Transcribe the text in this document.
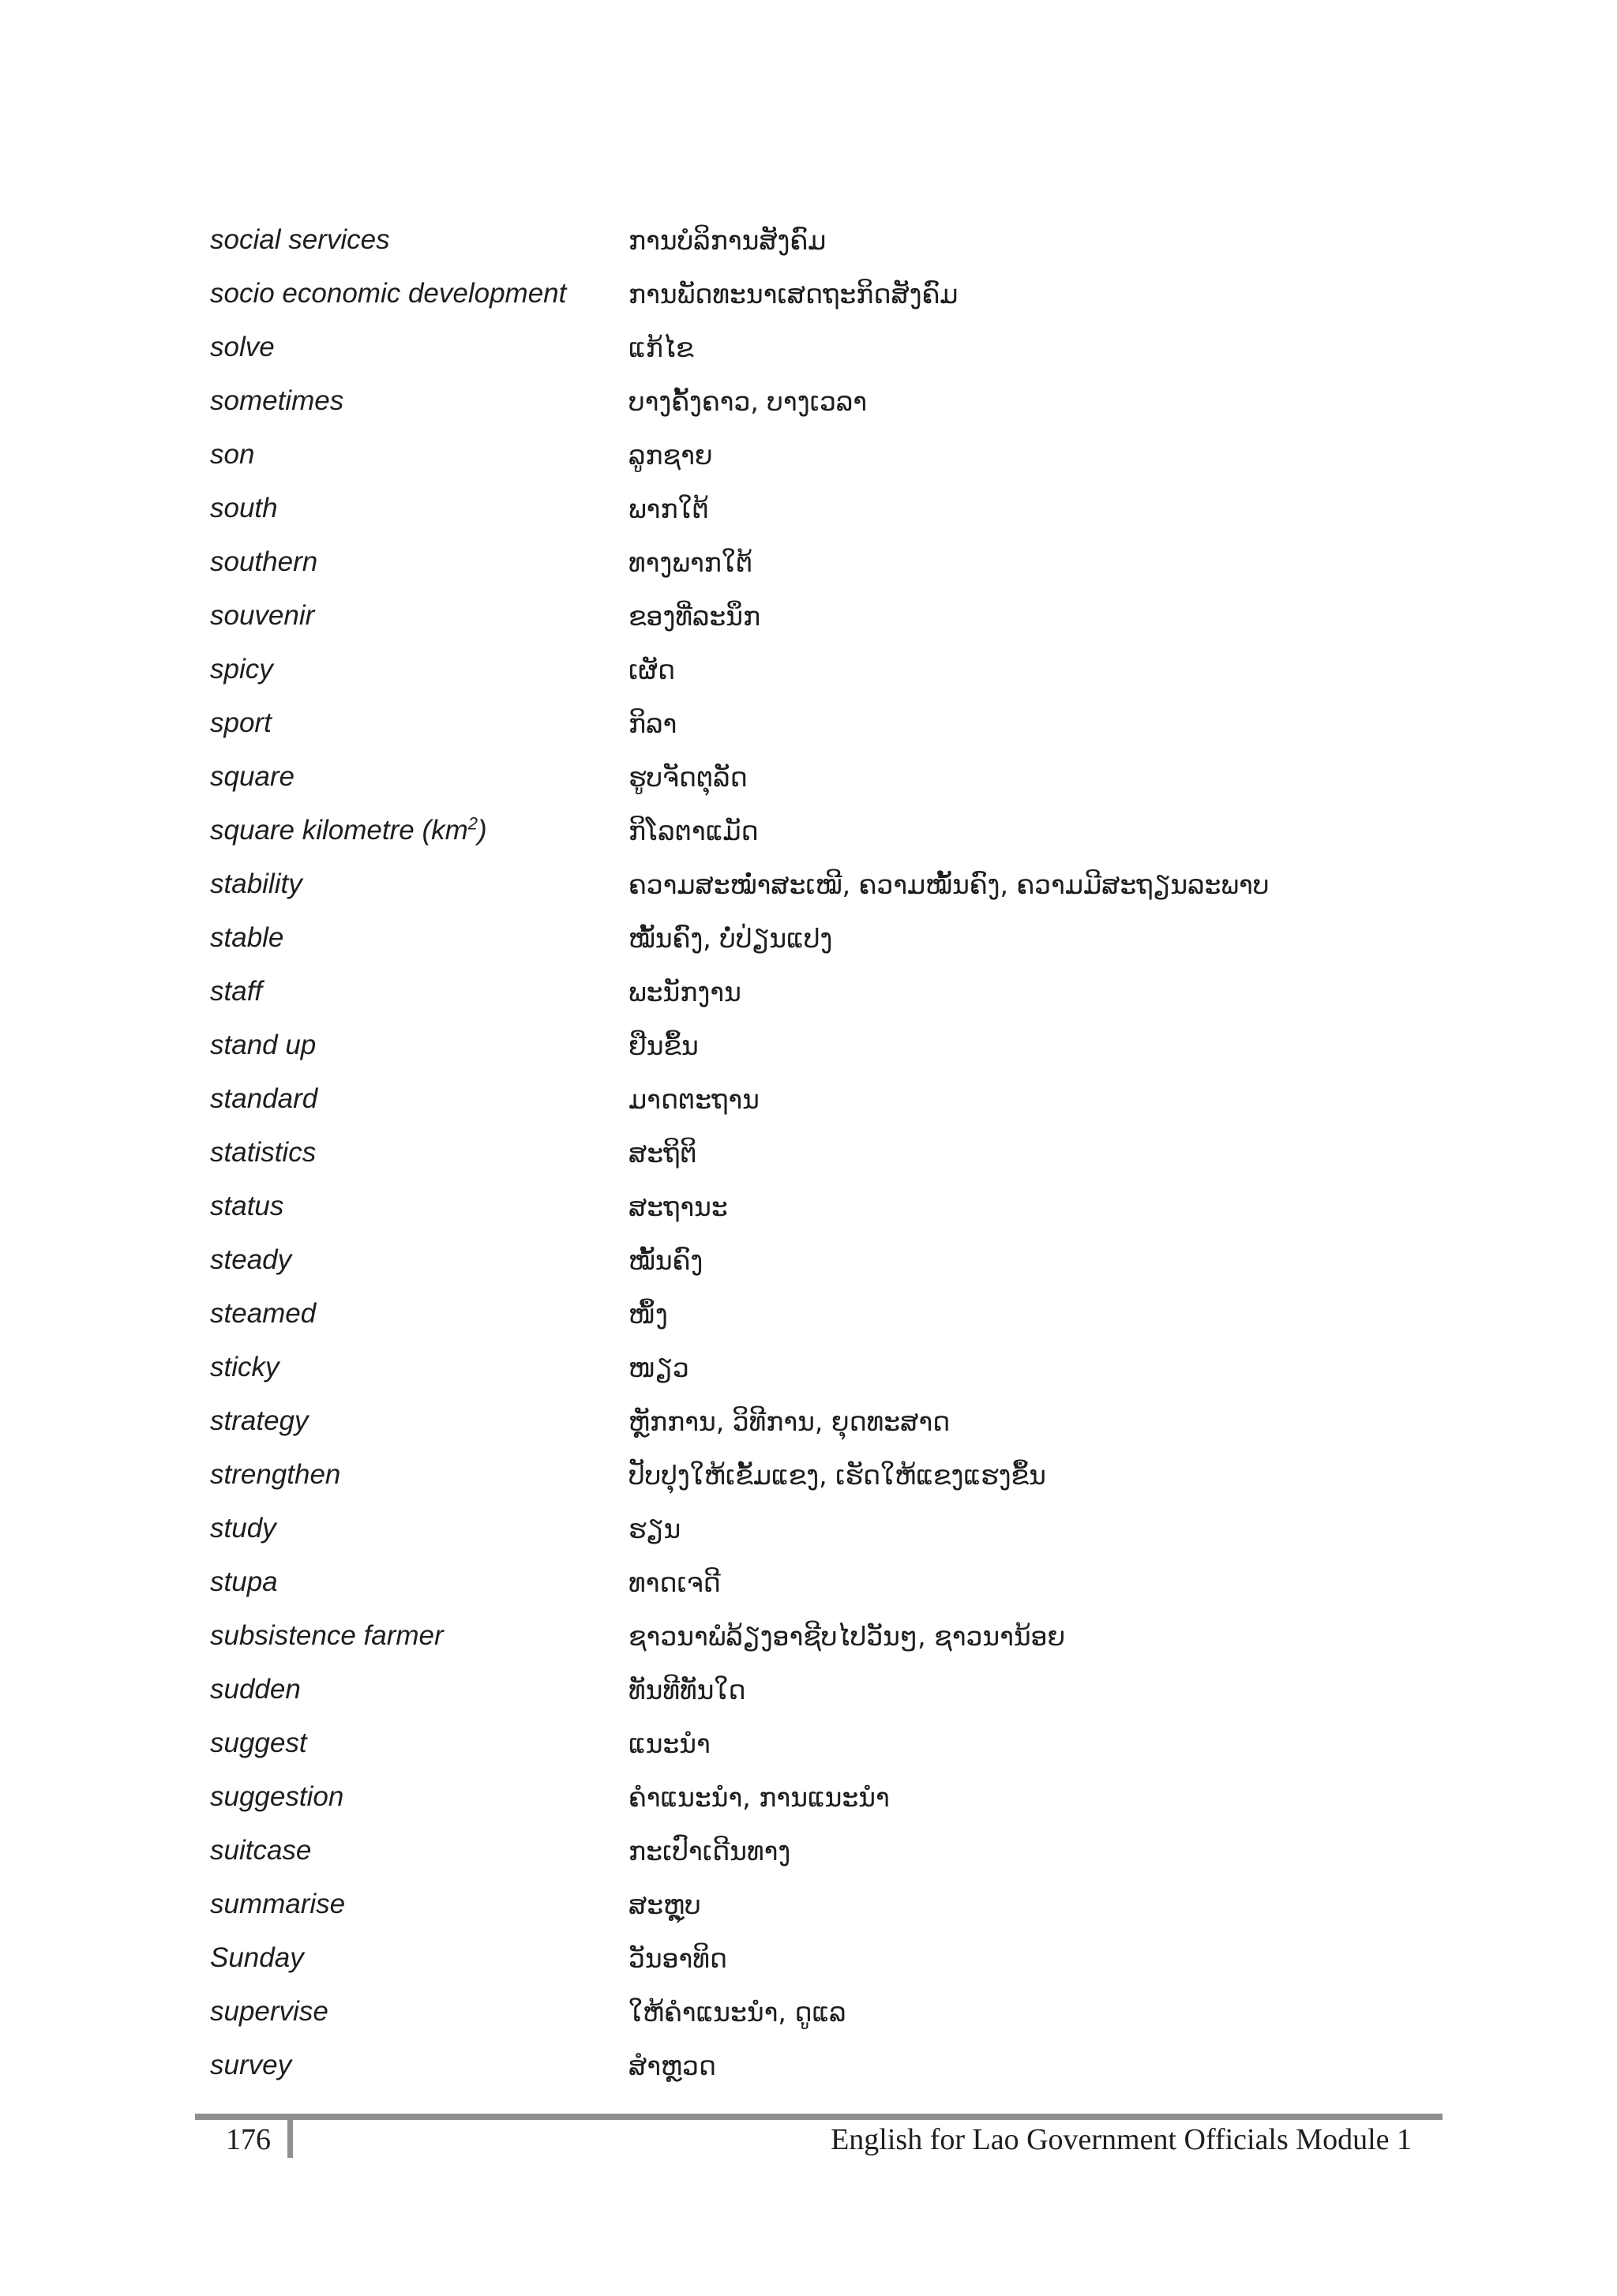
social services	ການບໍລິການສັງຄົມ
socio economic development	ການພັດທະນາເສດຖະກິດສັງຄົມ
solve	ແກ້ໄຂ
sometimes	ບາງຄັ້ງຄາວ, ບາງເວລາ
son	ລູກຊາຍ
south	ພາກໃຕ້
southern	ທາງພາກໃຕ້
souvenir	ຂອງທີ່ລະນຶກ
spicy	ເຜັດ
sport	ກິລາ
square	ຮູບຈັດຕຸລັດ
square kilometre $(km^2)$	ກິໂລຕາແມັດ
stability	ຄວາມສະໝ່ຳສະເໝີ, ຄວາມໝັ້ນຄົງ, ຄວາມມີສະຖຽນລະພາບ
stable	ໝັ້ນຄົງ, ບໍ່ປ່ຽນແປງ
staff	ພະນັກງານ
stand up	ຢືນຂຶ້ນ
standard	ມາດຕະຖານ
statistics	ສະຖິຕິ
status	ສະຖານະ
steady	ໝັ້ນຄົງ
steamed	ໜຶ້ງ
sticky	ໜຽວ
strategy	ຫຼັກການ, ວິທີການ, ຍຸດທະສາດ
strengthen	ປັບປຸງໃຫ້ເຂັ້ມແຂງ, ເຮັດໃຫ້ແຂງແຮງຂຶ້ນ
study	ຮຽນ
stupa	ທາດເຈດີ
subsistence farmer	ຊາວນາພໍລ້ຽງອາຊີບໄປວັນໆ, ຊາວນານ້ອຍ
sudden	ທັນທີທັນໃດ
suggest	ແນະນຳ
suggestion	ຄຳແນະນຳ, ການແນະນຳ
suitcase	ກະເປົາເດີນທາງ
summarise	ສະຫຼຸບ
Sunday	ວັນອາທິດ
supervise	ໃຫ້ຄຳແນະນຳ, ດູແລ
survey	ສຳຫຼວດ
176	English for Lao Government Officials Module 1
